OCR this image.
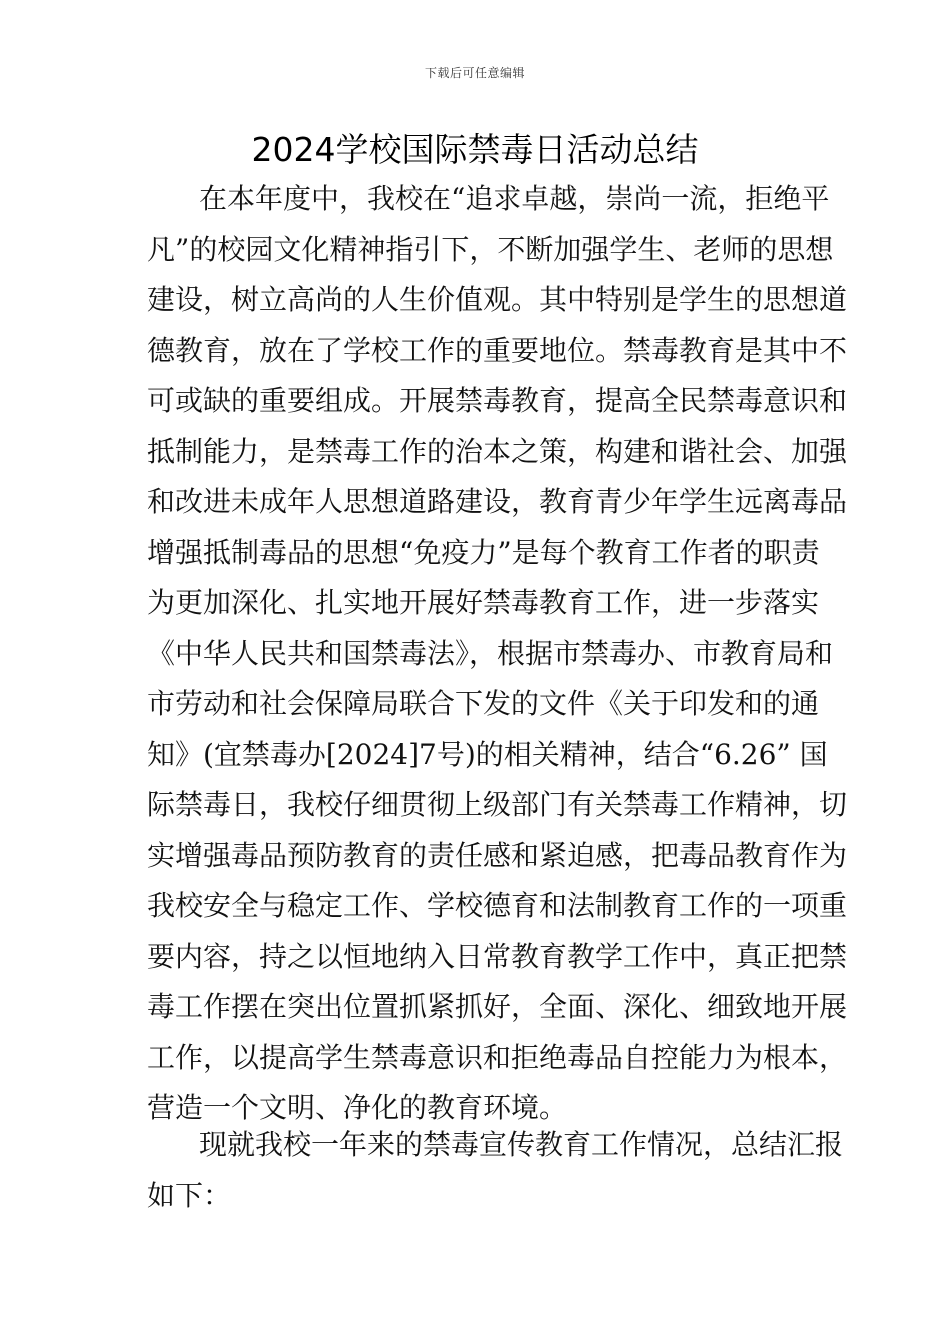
下载后可任意编辑
2024学校国际禁毒日活动总结
在本年度中，我校在“追求卓越，崇尚一流，拒绝平
凡”的校园文化精神指引下，不断加强学生、老师的思想
建设，树立高尚的人生价值观。其中特别是学生的思想道
德教育，放在了学校工作的重要地位。禁毒教育是其中不
可或缺的重要组成。开展禁毒教育，提高全民禁毒意识和
抵制能力，是禁毒工作的治本之策，构建和谐社会、加强
和改进未成年人思想道路建设，教育青少年学生远离毒品
增强抵制毒品的思想“免疫力”是每个教育工作者的职责
为更加深化、扎实地开展好禁毒教育工作，进一步落实
《中华人民共和国禁毒法》，根据市禁毒办、市教育局和
市劳动和社会保障局联合下发的文件《关于印发和的通
知》(宜禁毒办[2024]7号)的相关精神，结合“6.26” 国
际禁毒日，我校仔细贯彻上级部门有关禁毒工作精神，切
实增强毒品预防教育的责任感和紧迫感，把毒品教育作为
我校安全与稳定工作、学校德育和法制教育工作的一项重
要内容，持之以恒地纳入日常教育教学工作中，真正把禁
毒工作摆在突出位置抓紧抓好，全面、深化、细致地开展
工作，以提高学生禁毒意识和拒绝毒品自控能力为根本，
营造一个文明、净化的教育环境。
现就我校一年来的禁毒宣传教育工作情况，总结汇报
如下：
